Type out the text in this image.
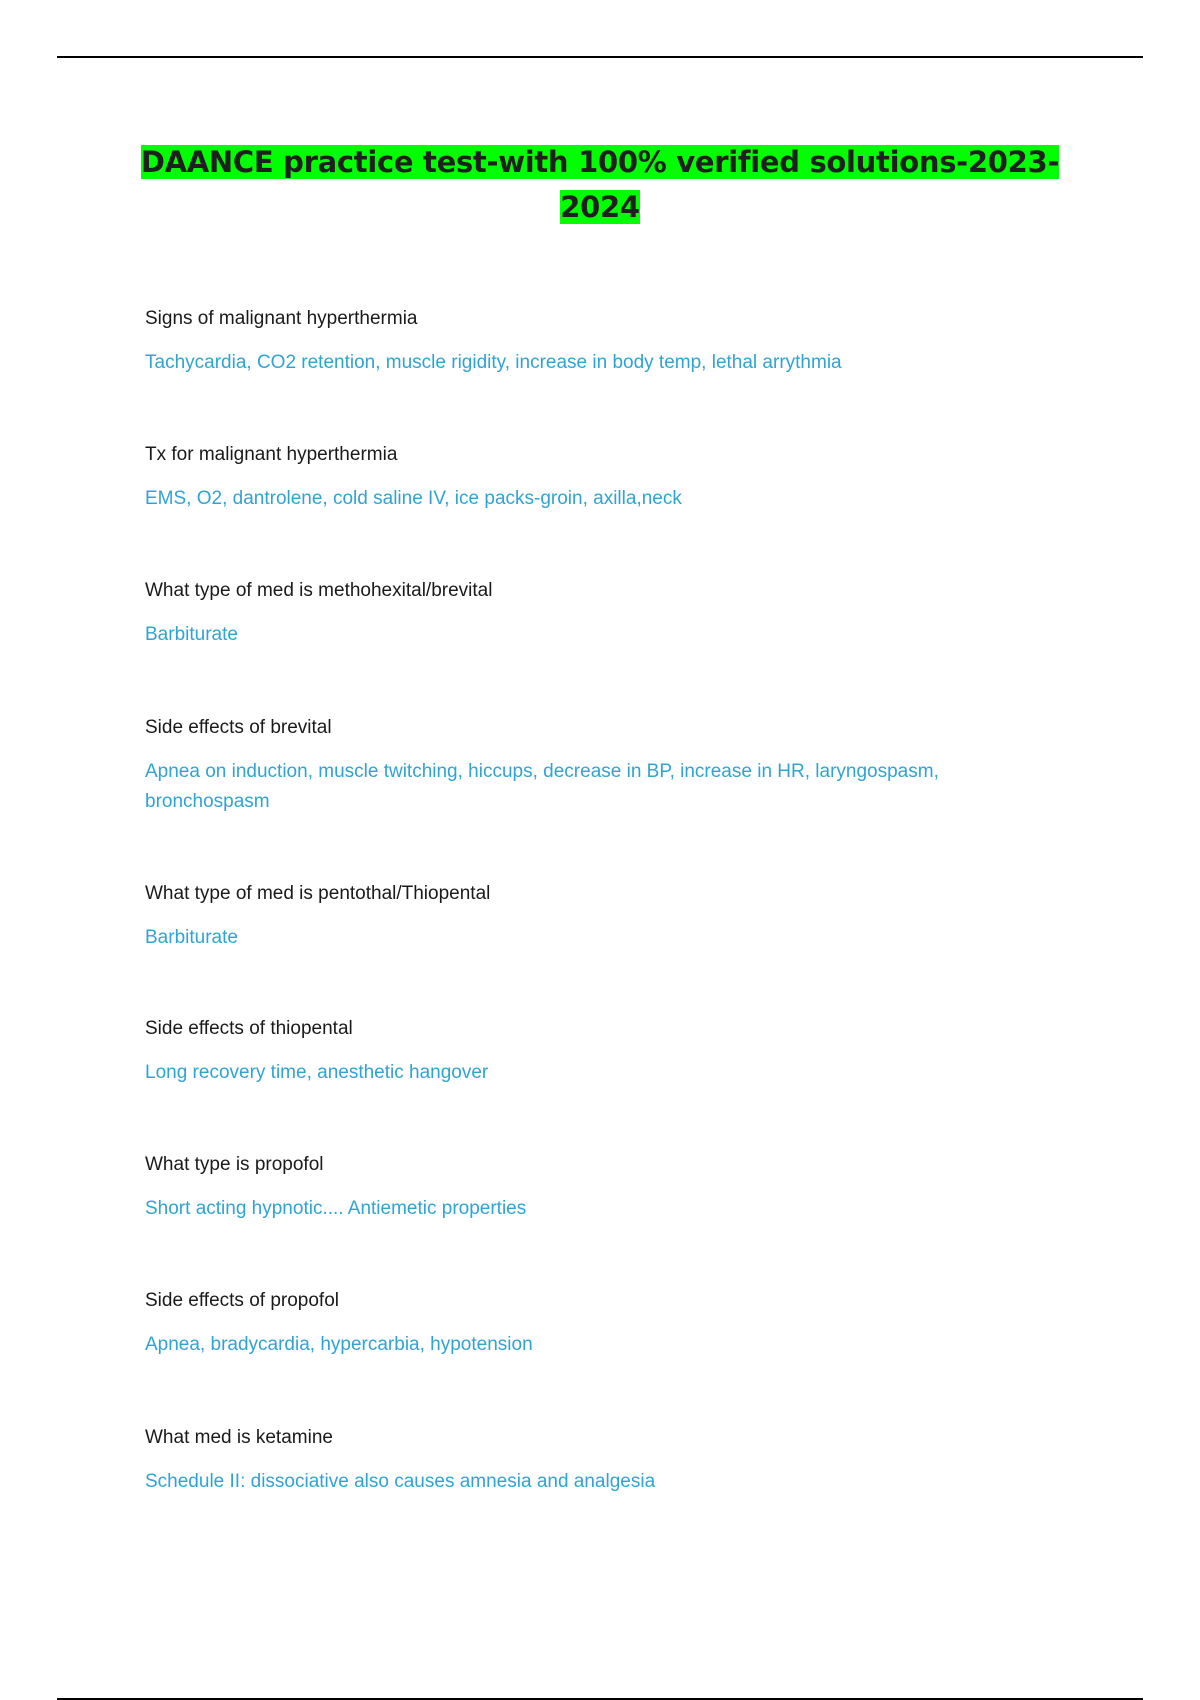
DAANCE practice test-with 100% verified solutions-2023-2024

Signs of malignant hyperthermia

Tachycardia, CO2 retention, muscle rigidity, increase in body temp, lethal arrythmia

Tx for malignant hyperthermia

EMS, O2, dantrolene, cold saline IV, ice packs-groin, axilla,neck

What type of med is methohexital/brevital

Barbiturate

Side effects of brevital

Apnea on induction, muscle twitching, hiccups, decrease in BP, increase in HR, laryngospasm, bronchospasm

What type of med is pentothal/Thiopental

Barbiturate

Side effects of thiopental

Long recovery time, anesthetic hangover

What type is propofol

Short acting hypnotic.... Antiemetic properties

Side effects of propofol

Apnea, bradycardia, hypercarbia, hypotension

What med is ketamine

Schedule II: dissociative also causes amnesia and analgesia
